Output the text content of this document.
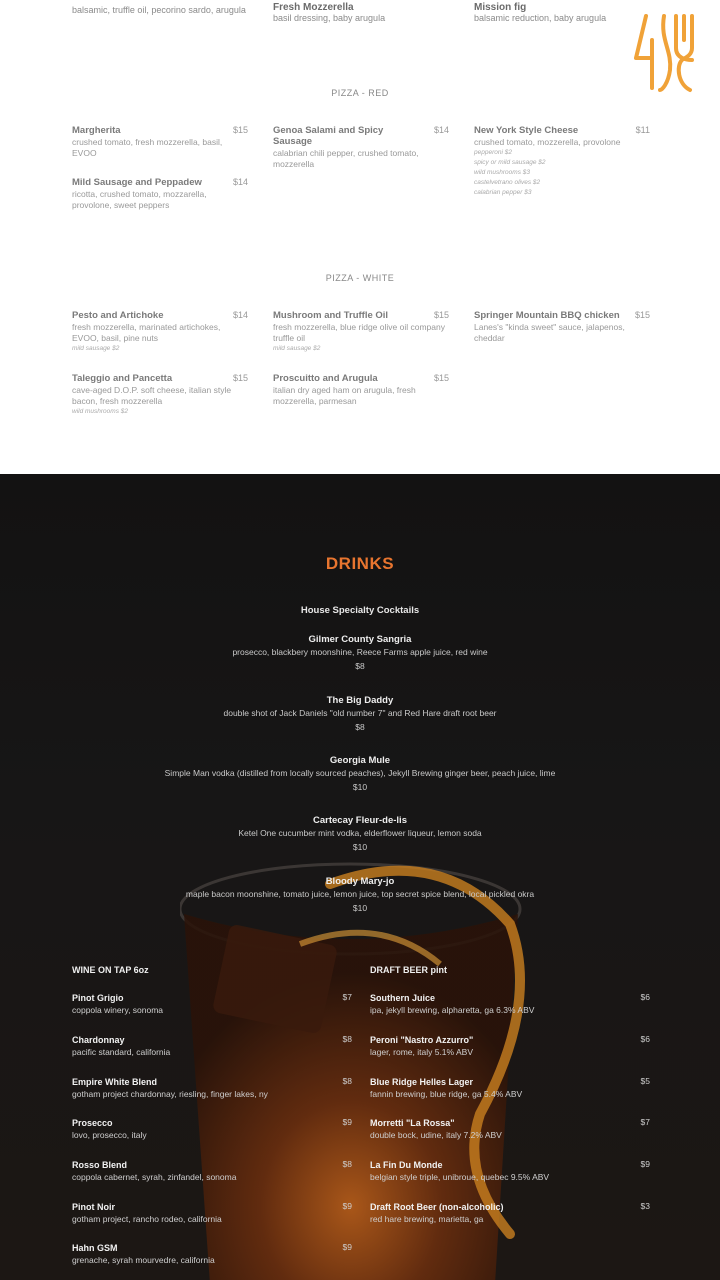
balsamic, truffle oil, pecorino sardo, arugula	Fresh Mozzerella
basil dressing, baby arugula
Mission fig
balsamic reduction, baby arugula
PIZZA - RED
Margherita	$15
crushed tomato, fresh mozzerella, basil, EVOO
Genoa Salami and Spicy Sausage
$14
calabrian chili pepper, crushed tomato, mozzerella
New York Style Cheese	$11
crushed tomato, mozzerella, provolone
pepperoni $2
spicy or mild sausage $2
wild mushrooms $3
castelvetrano olives $2
calabrian pepper $3
Mild Sausage and Peppadew	$14
ricotta, crushed tomato, mozzarella, provolone, sweet peppers
PIZZA - WHITE
Pesto and Artichoke	$14
fresh mozzerella, marinated artichokes, EVOO, basil, pine nuts
mild sausage $2
Mushroom and Truffle Oil	$15
fresh mozzerella, blue ridge olive oil company truffle oil
mild sausage $2
Springer Mountain BBQ chicken	$15
Lanes's "kinda sweet" sauce, jalapenos, cheddar
Taleggio and Pancetta	$15
cave-aged D.O.P. soft cheese, italian style bacon, fresh mozzerella
wild mushrooms $2
Proscuitto and Arugula	$15
italian dry aged ham on arugula, fresh mozzerella, parmesan
DRINKS
House Specialty Cocktails
Gilmer County Sangria
prosecco, blackbery moonshine, Reece Farms apple juice, red wine
$8
The Big Daddy
double shot of Jack Daniels "old number 7" and Red Hare draft root beer
$8
Georgia Mule
Simple Man vodka (distilled from locally sourced peaches), Jekyll Brewing ginger beer, peach juice, lime
$10
Cartecay Fleur-de-lis
Ketel One cucumber mint vodka, elderflower liqueur, lemon soda
$10
Bloody Mary-jo
maple bacon moonshine, tomato juice, lemon juice, top secret spice blend, local pickled okra
$10
WINE ON TAP 6oz	DRAFT BEER pint
Pinot Grigio	$7
coppola winery, sonoma
Chardonnay	$8
pacific standard, california
Empire White Blend	$8
gotham project chardonnay, riesling, finger lakes, ny
Prosecco	$9
lovo, prosecco, italy
Rosso Blend	$8
coppola cabernet, syrah, zinfandel, sonoma
Pinot Noir	$9
gotham project, rancho rodeo, california
Hahn GSM	$9
grenache, syrah mourvedre, california
Southern Juice	$6
ipa, jekyll brewing, alpharetta, ga 6.3% ABV
Peroni "Nastro Azzurro"	$6
lager, rome, italy 5.1% ABV
Blue Ridge Helles Lager	$5
fannin brewing, blue ridge, ga 5.4% ABV
Morretti "La Rossa"	$7
double bock, udine, italy 7.2% ABV
La Fin Du Monde	$9
belgian style triple, unibroue, quebec 9.5% ABV
Draft Root Beer (non-alcoholic)	$3
red hare brewing, marietta, ga
